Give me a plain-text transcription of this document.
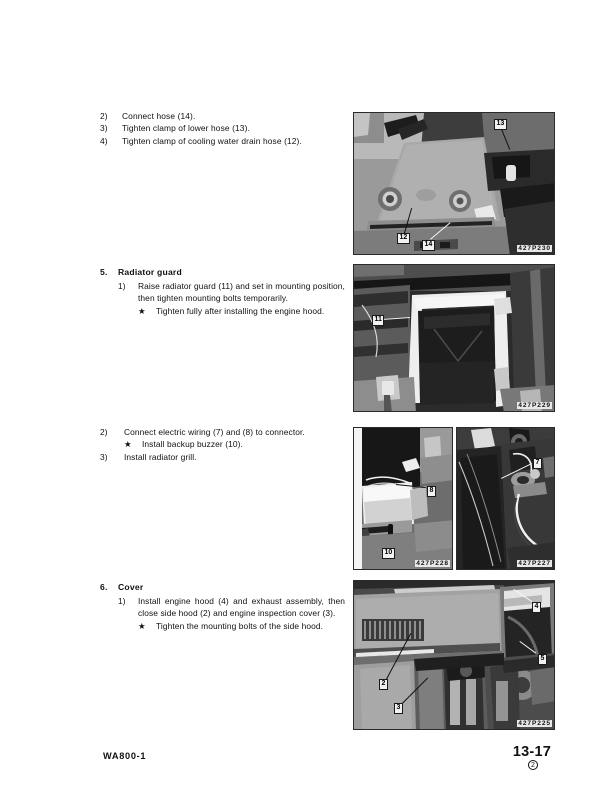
2)	Connect hose (14).
3)	Tighten clamp of lower hose (13).
4)	Tighten clamp of cooling water drain hose (12).
5.	Radiator guard
1)	Raise radiator guard (11) and set in mounting position, then tighten mounting bolts temporarily.
★	Tighten fully after installing the engine hood.
2)	Connect electric wiring (7) and (8) to connector.
★	Install backup buzzer (10).
3)	Install radiator grill.
6.	Cover
1)	Install engine hood (4) and exhaust assembly, then close side hood (2) and engine inspection cover (3).
★	Tighten the mounting bolts of the side hood.
13
12
14
427P230
11
427P229
8
10
427P228
7
427P227
2
3
4
5
427P225
WA800-1	13-17
2
